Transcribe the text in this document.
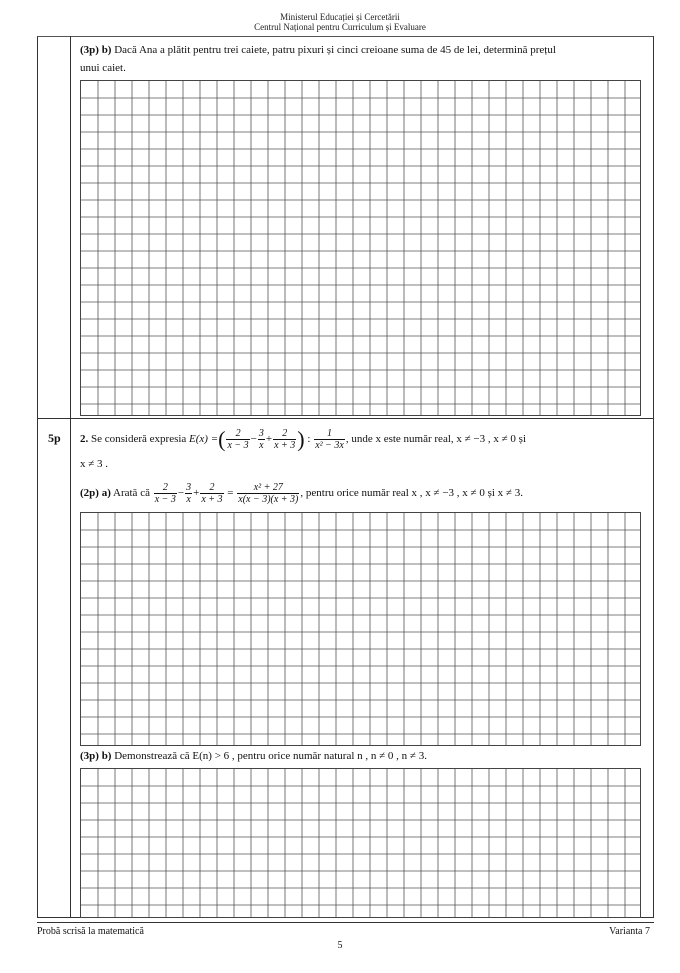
Ministerul Educației și Cercetării
Centrul Național pentru Curriculum și Evaluare
(3p) b) Dacă Ana a plătit pentru trei caiete, patru pixuri și cinci creioane suma de 45 de lei, determină prețul
unui caiet.
5p 2. Se consideră expresia E(x) =( $\frac{2}{x - 3} - \frac{3}{x} + \frac{2}{x + 3}$ ) : $\frac{1}{\text{x² − 3x}}$ , unde x este număr real, x ≠ −3 , x ≠ 0 și
x ≠ 3 .
(2p) a) Arată că $\frac{2}{x - 3} - \frac{3}{x} + \frac{2}{x + 3} = \frac{\text{x² + 27}}{x(x - 3)(x + 3)}$ , pentru orice număr real x , x ≠ −3 , x ≠ 0 și x ≠ 3.
(3p) b) Demonstrează că E(n) > 6 , pentru orice număr natural n , n ≠ 0 , n ≠ 3.
Probă scrisă la matematică	Varianta 7
5
